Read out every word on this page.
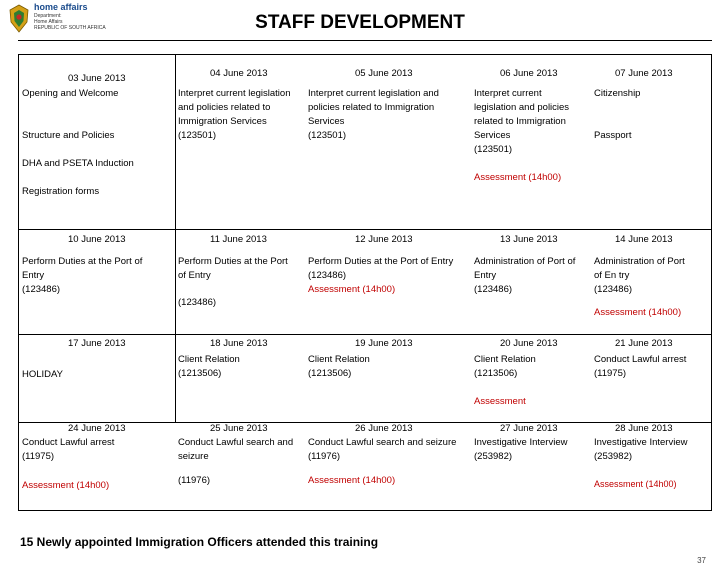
home affairs
Department:
Home Affairs
REPUBLIC OF SOUTH AFRICA	STAFF DEVELOPMENT
03 June 2013
Opening and Welcome
Structure and Policies
DHA and PSETA Induction
Registration forms
04 June 2013
Interpret current legislation
and policies related to
Immigration Services
(123501)
05 June 2013
Interpret current legislation and
policies related to Immigration
Services
(123501)
06 June 2013
Interpret current
legislation and policies
related to Immigration
Services
(123501)
Assessment (14h00)
07 June 2013
Citizenship
Passport
10 June 2013
Perform Duties at the Port of
Entry
(123486)
11 June 2013
Perform Duties at the Port
of Entry
(123486)
12 June 2013
Perform Duties at the Port of Entry
(123486)
Assessment (14h00)
13 June 2013
Administration of Port of
Entry
(123486)
14 June 2013
Administration of Port
of En try
(123486)
Assessment (14h00)
17 June 2013
HOLIDAY
18 June 2013
Client Relation
(1213506)
19 June 2013
Client Relation
(1213506)
20 June 2013
Client Relation
(1213506)
21 June 2013
Conduct Lawful arrest
(11975)
Assessment
24 June 2013
Conduct Lawful arrest
(11975)
Assessment (14h00)
25 June 2013
Conduct Lawful search and
seizure
(11976)
26 June 2013
Conduct Lawful search and seizure
(11976)
Assessment (14h00)
27 June 2013
Investigative Interview
(253982)
28 June 2013
Investigative Interview
(253982)
Assessment (14h00)
15 Newly appointed Immigration Officers attended this training
37
